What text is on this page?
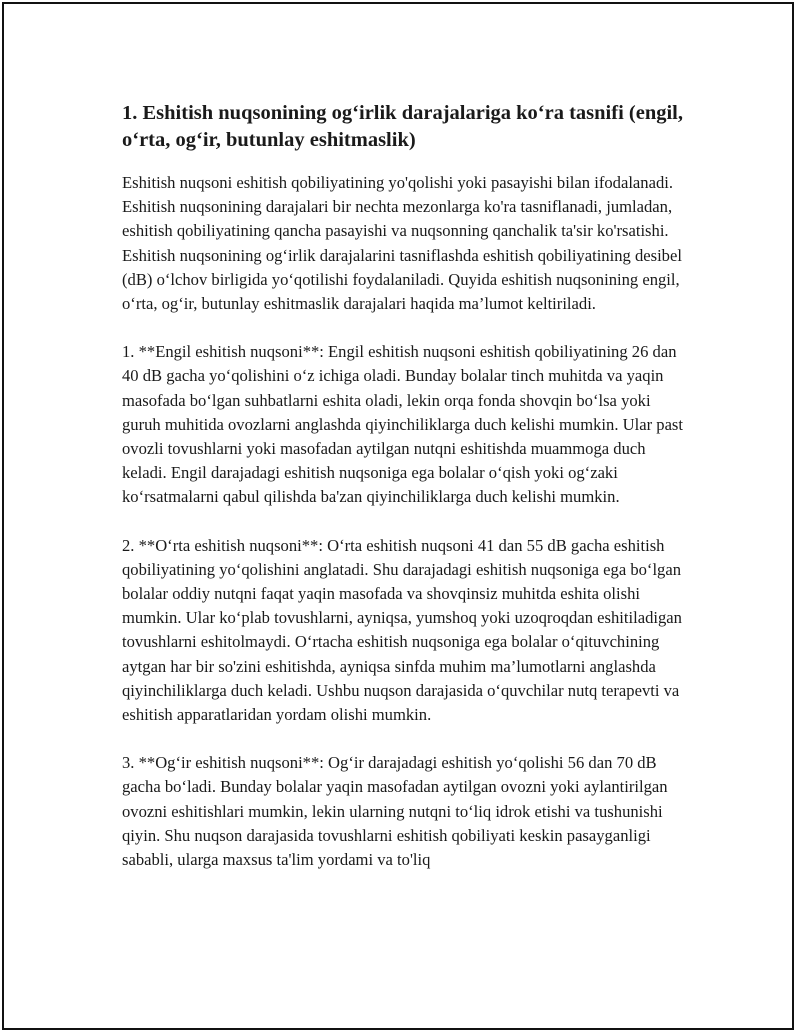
1. Eshitish nuqsonining og‘irlik darajalariga ko‘ra tasnifi (engil, o‘rta, og‘ir, butunlay eshitmaslik)

Eshitish nuqsoni eshitish qobiliyatining yo'qolishi yoki pasayishi bilan ifodalanadi. Eshitish nuqsonining darajalari bir nechta mezonlarga ko'ra tasniflanadi, jumladan, eshitish qobiliyatining qancha pasayishi va nuqsonning qanchalik ta'sir ko'rsatishi. Eshitish nuqsonining og‘irlik darajalarini tasniflashda eshitish qobiliyatining desibel (dB) o‘lchov birligida yo‘qotilishi foydalaniladi. Quyida eshitish nuqsonining engil, o‘rta, og‘ir, butunlay eshitmaslik darajalari haqida ma’lumot keltiriladi.

1. **Engil eshitish nuqsoni**: Engil eshitish nuqsoni eshitish qobiliyatining 26 dan 40 dB gacha yo‘qolishini o‘z ichiga oladi. Bunday bolalar tinch muhitda va yaqin masofada bo‘lgan suhbatlarni eshita oladi, lekin orqa fonda shovqin bo‘lsa yoki guruh muhitida ovozlarni anglashda qiyinchiliklarga duch kelishi mumkin. Ular past ovozli tovushlarni yoki masofadan aytilgan nutqni eshitishda muammoga duch keladi. Engil darajadagi eshitish nuqsoniga ega bolalar o‘qish yoki og‘zaki ko‘rsatmalarni qabul qilishda ba'zan qiyinchiliklarga duch kelishi mumkin.

2. **O‘rta eshitish nuqsoni**: O‘rta eshitish nuqsoni 41 dan 55 dB gacha eshitish qobiliyatining yo‘qolishini anglatadi. Shu darajadagi eshitish nuqsoniga ega bo‘lgan bolalar oddiy nutqni faqat yaqin masofada va shovqinsiz muhitda eshita olishi mumkin. Ular ko‘plab tovushlarni, ayniqsa, yumshoq yoki uzoqroqdan eshitiladigan tovushlarni eshitolmaydi. O‘rtacha eshitish nuqsoniga ega bolalar o‘qituvchining aytgan har bir so'zini eshitishda, ayniqsa sinfda muhim ma’lumotlarni anglashda qiyinchiliklarga duch keladi. Ushbu nuqson darajasida o‘quvchilar nutq terapevti va eshitish apparatlaridan yordam olishi mumkin.

3. **Og‘ir eshitish nuqsoni**: Og‘ir darajadagi eshitish yo‘qolishi 56 dan 70 dB gacha bo‘ladi. Bunday bolalar yaqin masofadan aytilgan ovozni yoki aylantirilgan ovozni eshitishlari mumkin, lekin ularning nutqni to‘liq idrok etishi va tushunishi qiyin. Shu nuqson darajasida tovushlarni eshitish qobiliyati keskin pasayganligi sababli, ularga maxsus ta'lim yordami va to'liq
